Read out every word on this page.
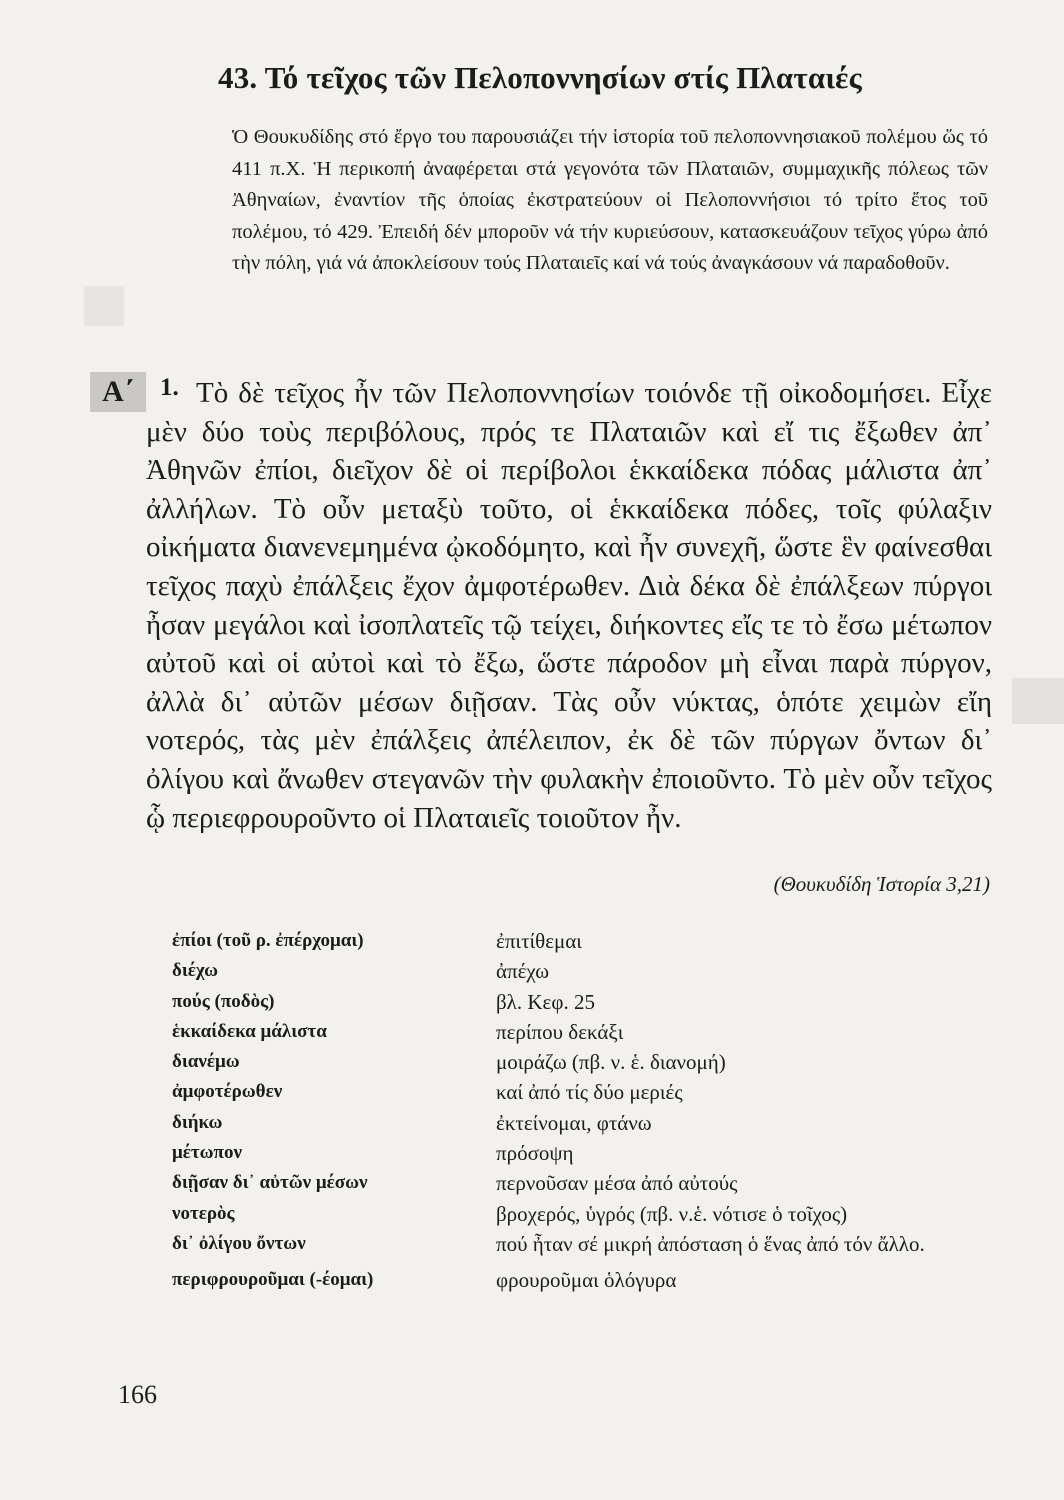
43. Τό τεῖχος τῶν Πελοποννησίων στίς Πλαταιές

Ὁ Θουκυδίδης στό ἔργο του παρουσιάζει τήν ἱστορία τοῦ πελοποννησιακοῦ πολέμου ὥς τό 411 π.Χ. Ἡ περικοπή ἀναφέρεται στά γεγονότα τῶν Πλαταιῶν, συμμαχικῆς πόλεως τῶν Ἀθηναίων, ἐναντίον τῆς ὁποίας ἐκστρατεύουν οἱ Πελοποννήσιοι τό τρίτο ἔτος τοῦ πολέμου, τό 429. Ἐπειδή δέν μποροῦν νά τήν κυριεύσουν, κατασκευάζουν τεῖχος γύρω ἀπό τὴν πόλη, γιά νά ἀποκλείσουν τούς Πλαταιεῖς καί νά τούς ἀναγκάσουν νά παραδοθοῦν.

Α΄	1. Τὸ δὲ τεῖχος ἦν τῶν Πελοποννησίων τοιόνδε τῇ οἰκοδομήσει. Εἶχε μὲν δύο τοὺς περιβόλους, πρός τε Πλαταιῶν καὶ εἴ τις ἔξωθεν ἀπ᾿ Ἀθηνῶν ἐπίοι, διεῖχον δὲ οἱ περίβολοι ἑκκαίδεκα πόδας μάλιστα ἀπ᾿ ἀλλήλων. Τὸ οὖν μεταξὺ τοῦτο, οἱ ἑκκαίδεκα πόδες, τοῖς φύλαξιν οἰκήματα διανενεμημένα ᾠκοδόμητο, καὶ ἦν συνεχῆ, ὥστε ἓν φαίνεσθαι τεῖχος παχὺ ἐπάλξεις ἔχον ἀμφοτέρωθεν. Διὰ δέκα δὲ ἐπάλξεων πύργοι ἦσαν μεγάλοι καὶ ἰσοπλατεῖς τῷ τείχει, διήκοντες εἴς τε τὸ ἔσω μέτωπον αὐτοῦ καὶ οἱ αὐτοὶ καὶ τὸ ἔξω, ὥστε πάροδον μὴ εἶναι παρὰ πύργον, ἀλλὰ δι᾿ αὐτῶν μέσων διῇσαν. Τὰς οὖν νύκτας, ὁπότε χειμὼν εἴη νοτερός, τὰς μὲν ἐπάλξεις ἀπέλειπον, ἐκ δὲ τῶν πύργων ὄντων δι᾿ ὀλίγου καὶ ἄνωθεν στεγανῶν τὴν φυλακὴν ἐποιοῦντο. Τὸ μὲν οὖν τεῖχος ᾧ περιεφρουροῦντο οἱ Πλαταιεῖς τοιοῦτον ἦν.
(Θουκυδίδη Ἱστορία 3,21)
ἐπίοι (τοῦ ρ. ἐπέρχομαι)	ἐπιτίθεμαι
διέχω	ἀπέχω
πούς (ποδὸς)	βλ. Κεφ. 25
ἑκκαίδεκα μάλιστα	περίπου δεκάξι
διανέμω	μοιράζω (πβ. ν. ἑ. διανομή)
ἀμφοτέρωθεν	καί ἀπό τίς δύο μεριές
διήκω	ἐκτείνομαι, φτάνω
μέτωπον	πρόσοψη
διῇσαν δι᾿ αὐτῶν μέσων	περνοῦσαν μέσα ἀπό αὐτούς
νοτερὸς	βροχερός, ὑγρός (πβ. ν.ἑ. νότισε ὁ τοῖχος)
δι᾿ ὀλίγου ὄντων	πού ἦταν σέ μικρή ἀπόσταση ὁ ἕνας ἀπό τόν ἄλλο.
περιφρουροῦμαι (-έομαι)	φρουροῦμαι ὁλόγυρα
166
